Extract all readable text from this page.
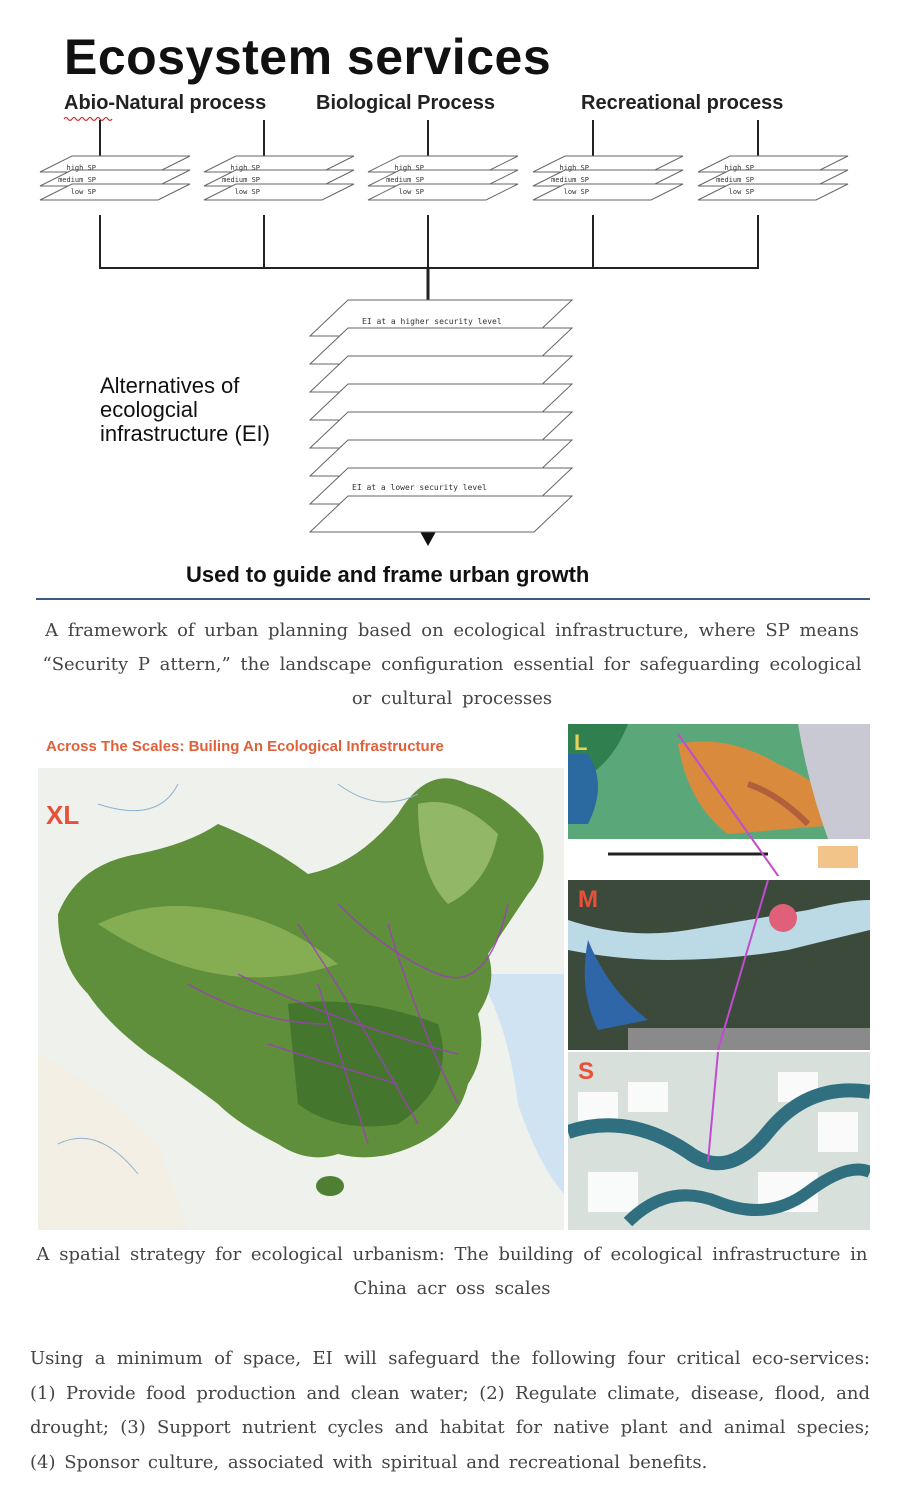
Ecosystem services
Abio-Natural process Biological Process	Recreational process
high SP
medium SP
low SP
high SP
medium SP
low SP
high SP
medium SP
low SP
high SP
medium SP
low SP
high SP
medium SP
low SP
EI at a higher security level
EI at a lower security level
Alternatives of ecologcial infrastructure (EI)
Used to guide and frame urban growth
A framework of urban planning based on ecological infrastructure, where SP means “Security P attern,” the landscape configuration essential for safeguarding ecological or cultural processes
Across The Scales: Builing An Ecological Infrastructure
XL
L
M
S
A spatial strategy for ecological urbanism: The building of ecological infrastructure in China acr oss scales
Using a minimum of space, EI will safeguard the following four critical eco-services: (1) Provide food production and clean water; (2) Regulate climate, disease, flood, and drought; (3) Support nutrient cycles and habitat for native plant and animal species; (4) Sponsor culture, associated with spiritual and recreational benefits.
